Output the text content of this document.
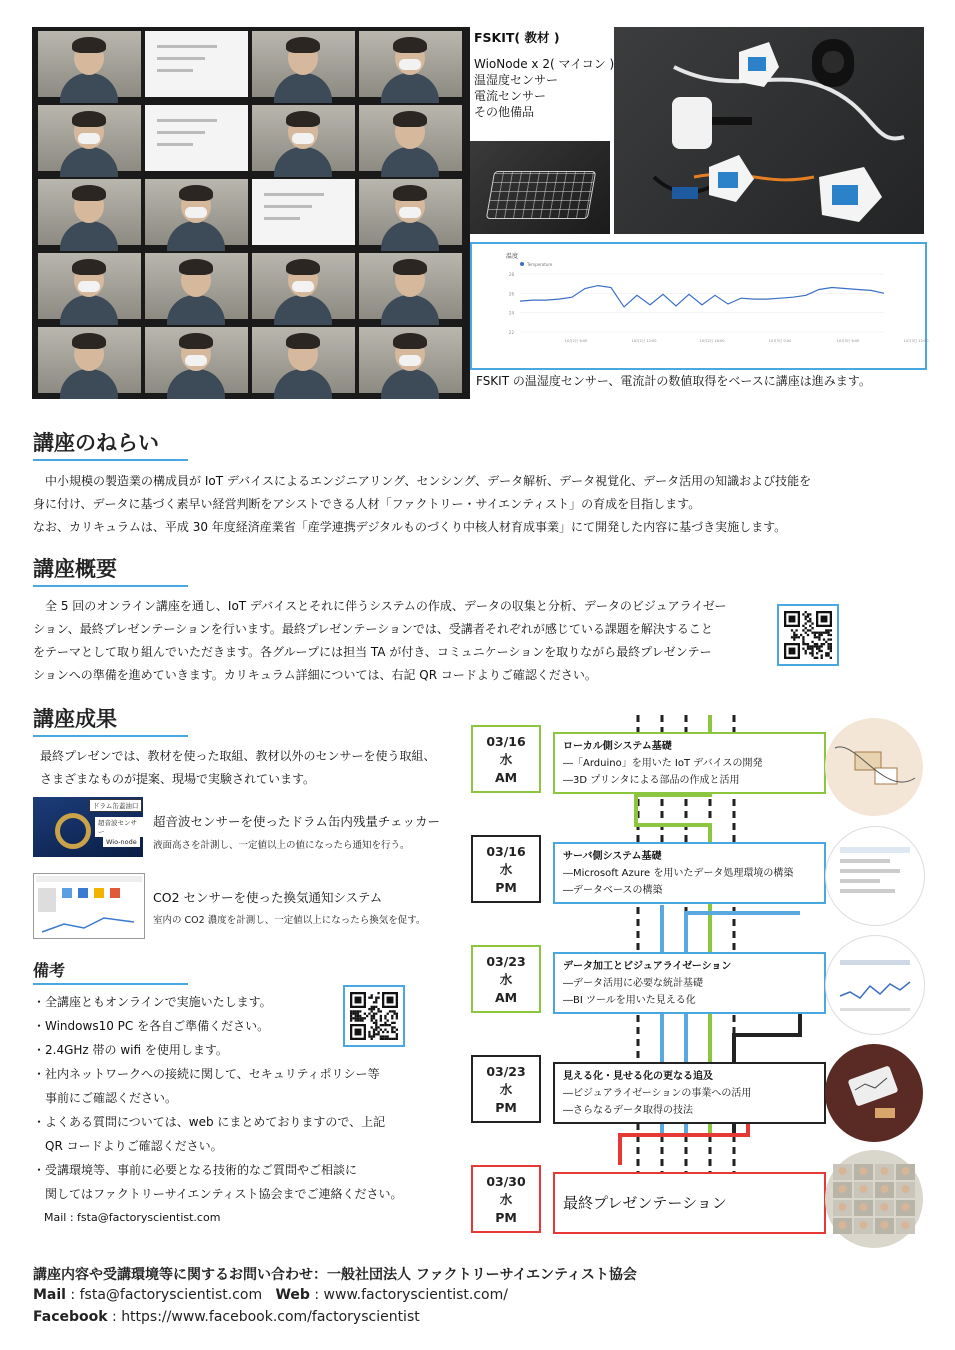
FSKIT( 教材 )
WioNode x 2( マイコン )
温湿度センサー
電流センサー
その他備品
温度
Temperature
28
26
24
22
10月2日 6:00	10月2日 12:00	10月2日 18:00	10月3日 0:00	10月3日 6:00	10月3日 12:00
FSKIT の温湿度センサー、電流計の数値取得をベースに講座は進みます。
講座のねらい
　中小規模の製造業の構成員が IoT デバイスによるエンジニアリング、センシング、データ解析、データ視覚化、データ活用の知識および技能を
身に付け、データに基づく素早い経営判断をアシストできる人材「ファクトリー・サイエンティスト」の育成を目指します。
なお、カリキュラムは、平成 30 年度経済産業省「産学連携デジタルものづくり中核人材育成事業」にて開発した内容に基づき実施します。
講座概要
　全 5 回のオンライン講座を通し、IoT デバイスとそれに伴うシステムの作成、データの収集と分析、データのビジュアライゼー
ション、最終プレゼンテーションを行います。最終プレゼンテーションでは、受講者それぞれが感じている課題を解決すること
をテーマとして取り組んでいただきます。各グループには担当 TA が付き、コミュニケーションを取りながら最終プレゼンテー
ションへの準備を進めていきます。カリキュラム詳細については、右記 QR コードよりご確認ください。
講座成果
最終プレゼンでは、教材を使った取組、教材以外のセンサーを使う取組、
さまざまなものが提案、現場で実験されています。
ドラム缶蓋油口
超音波センサー
Wio-node
超音波センサーを使ったドラム缶内残量チェッカー
液面高さを計測し、一定値以上の値になったら通知を行う。
CO2 センサーを使った換気通知システム
室内の CO2 濃度を計測し、一定値以上になったら換気を促す。
備考
・全講座ともオンラインで実施いたします。
・Windows10 PC を各自ご準備ください。
・2.4GHz 帯の wifi を使用します。
・社内ネットワークへの接続に関して、セキュリティポリシー等
　事前にご確認ください。
・よくある質問については、web にまとめておりますので、上記
　QR コードよりご確認ください。
・受講環境等、事前に必要となる技術的なご質問やご相談に
　関してはファクトリーサイエンティスト協会までご連絡ください。
　Mail : fsta@factoryscientist.com
03/16
水
AM
ローカル側システム基礎
―「Arduino」を用いた IoT デバイスの開発
―3D プリンタによる部品の作成と活用
03/16
水
PM
サーバ側システム基礎
―Microsoft Azure を用いたデータ処理環境の構築
―データベースの構築
03/23
水
AM
データ加工とビジュアライゼーション
―データ活用に必要な統計基礎
―BI ツールを用いた見える化
03/23
水
PM
見える化・見せる化の更なる追及
―ビジュアライゼーションの事業への活用
―さらなるデータ取得の技法
03/30
水
PM
最終プレゼンテーション
講座内容や受講環境等に関するお問い合わせ：一般社団法人 ファクトリーサイエンティスト協会
Mail : fsta@factoryscientist.com Web : www.factoryscientist.com/
Facebook : https://www.facebook.com/factoryscientist
